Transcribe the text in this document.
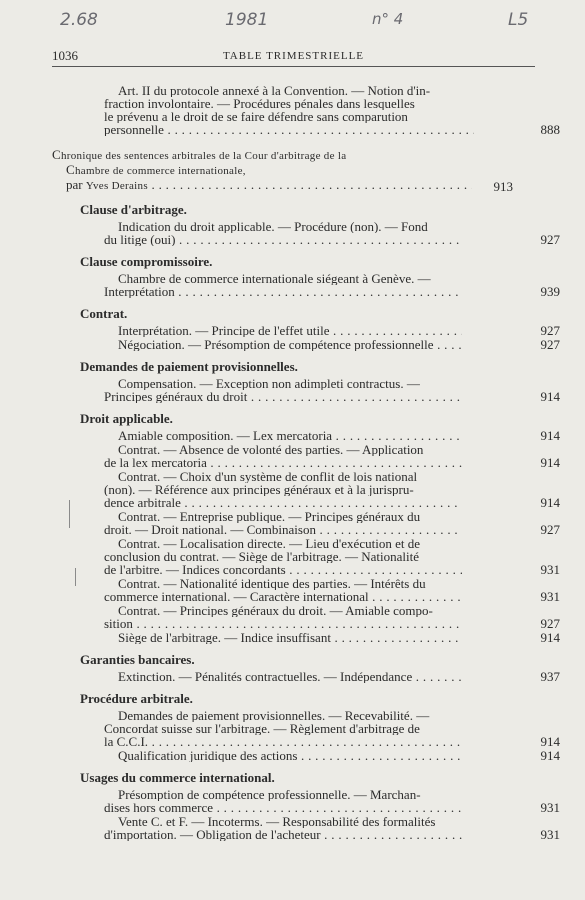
2.68	1981	n° 4	L5
1036	TABLE TRIMESTRIELLE

Art. II du protocole annexé à la Convention. — Notion d'in-

fraction involontaire. — Procédures pénales dans lesquelles

le prévenu a le droit de se faire défendre sans comparution

personnelle . . .	888

Chronique des sentences arbitrales de la Cour d'arbitrage de la

Chambre de commerce internationale,

par Yves Derains . . .	913

Clause d'arbitrage.

Indication du droit applicable. — Procédure (non). — Fond

du litige (oui) . . .	927

Clause compromissoire.

Chambre de commerce internationale siégeant à Genève. —

Interprétation . . .	939

Contrat.

Interprétation. — Principe de l'effet utile . . .	927

Négociation. — Présomption de compétence professionnelle . . .	927

Demandes de paiement provisionnelles.

Compensation. — Exception non adimpleti contractus. —

Principes généraux du droit . . .	914

Droit applicable.

Amiable composition. — Lex mercatoria . . .	914

Contrat. — Absence de volonté des parties. — Application

de la lex mercatoria . . .	914

Contrat. — Choix d'un système de conflit de lois national

(non). — Référence aux principes généraux et à la jurispru-

dence arbitrale . . .	914

Contrat. — Entreprise publique. — Principes généraux du

droit. — Droit national. — Combinaison . . .	927

Contrat. — Localisation directe. — Lieu d'exécution et de

conclusion du contrat. — Siège de l'arbitrage. — Nationalité

de l'arbitre. — Indices concordants . . .	931

Contrat. — Nationalité identique des parties. — Intérêts du

commerce international. — Caractère international . . .	931

Contrat. — Principes généraux du droit. — Amiable compo-

sition . . .	927

Siège de l'arbitrage. — Indice insuffisant . . .	914

Garanties bancaires.

Extinction. — Pénalités contractuelles. — Indépendance . . .	937

Procédure arbitrale.

Demandes de paiement provisionnelles. — Recevabilité. —

Concordat suisse sur l'arbitrage. — Règlement d'arbitrage de

la C.C.I. . . .	914

Qualification juridique des actions . . .	914

Usages du commerce international.

Présomption de compétence professionnelle. — Marchan-

dises hors commerce . . .	931

Vente C. et F. — Incoterms. — Responsabilité des formalités

d'importation. — Obligation de l'acheteur . . .	931
